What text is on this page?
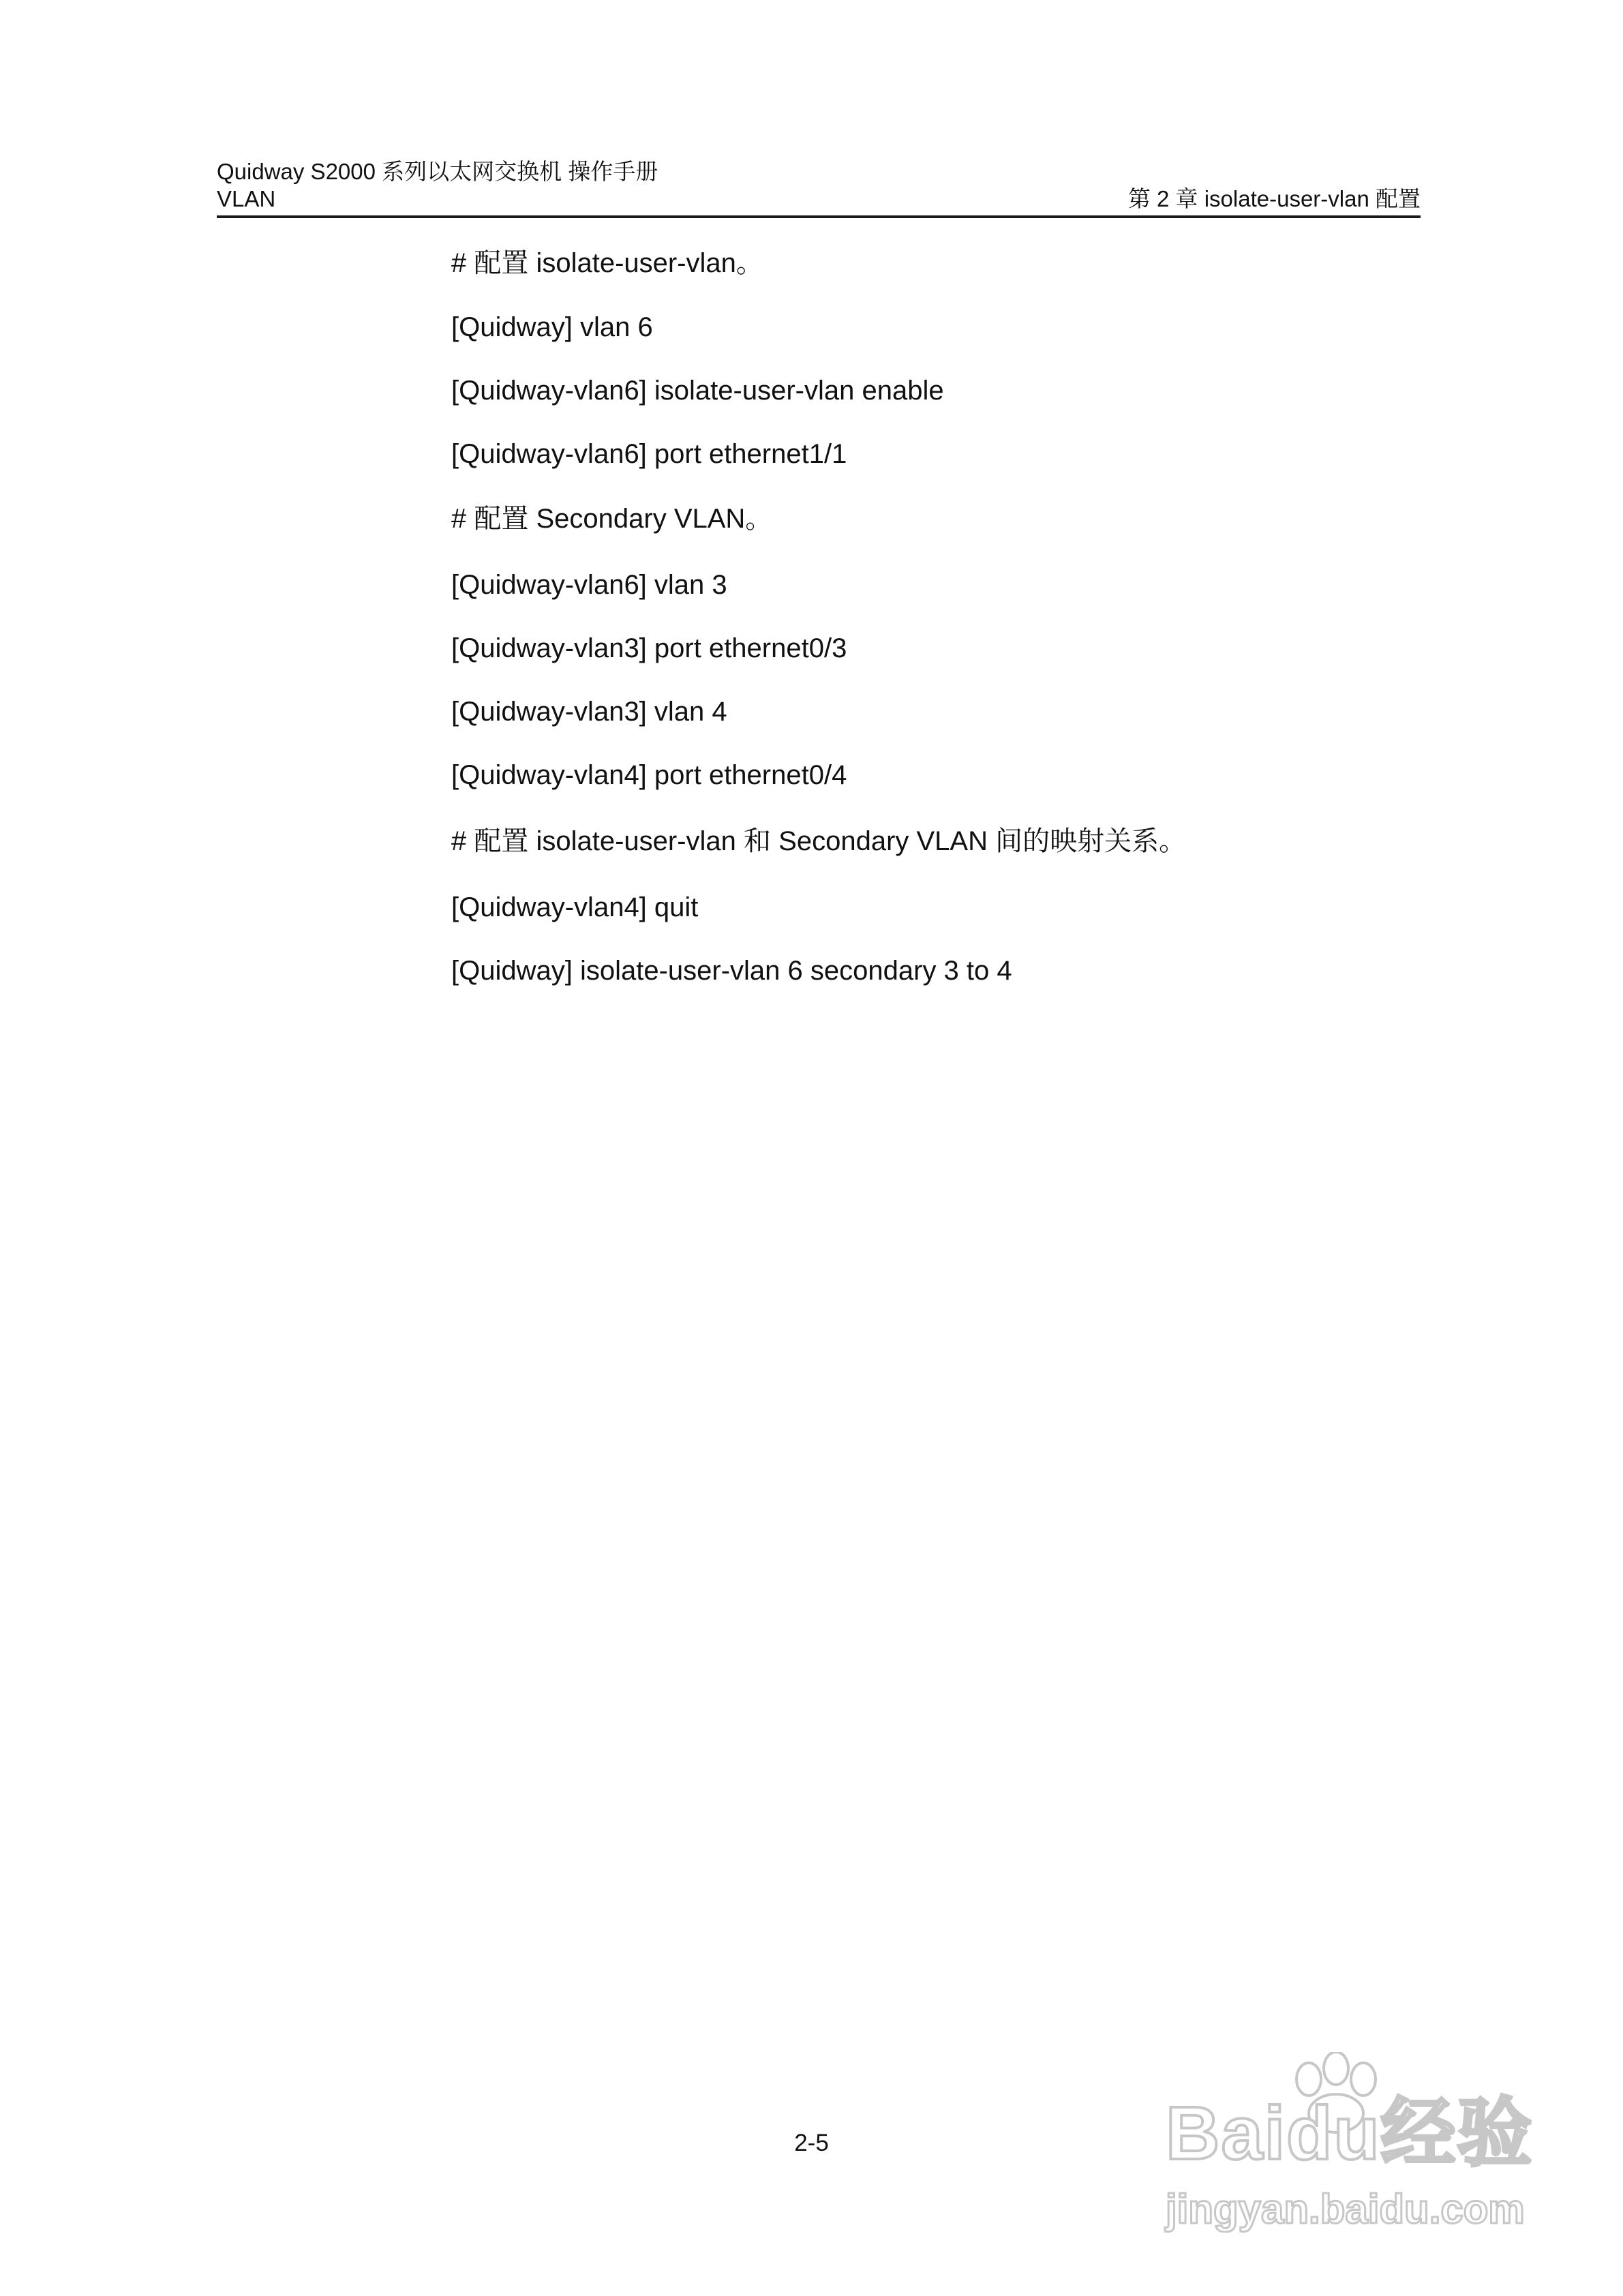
Quidway S2000 系列以太网交换机 操作手册
VLAN	第 2 章 isolate-user-vlan 配置
# 配置 isolate-user-vlan。
[Quidway] vlan 6
[Quidway-vlan6] isolate-user-vlan enable
[Quidway-vlan6] port ethernet1/1
# 配置 Secondary VLAN。
[Quidway-vlan6] vlan 3
[Quidway-vlan3] port ethernet0/3
[Quidway-vlan3] vlan 4
[Quidway-vlan4] port ethernet0/4
# 配置 isolate-user-vlan 和 Secondary VLAN 间的映射关系。
[Quidway-vlan4] quit
[Quidway] isolate-user-vlan 6 secondary 3 to 4
2-5	Baidu经验
jingyan.baidu.com
